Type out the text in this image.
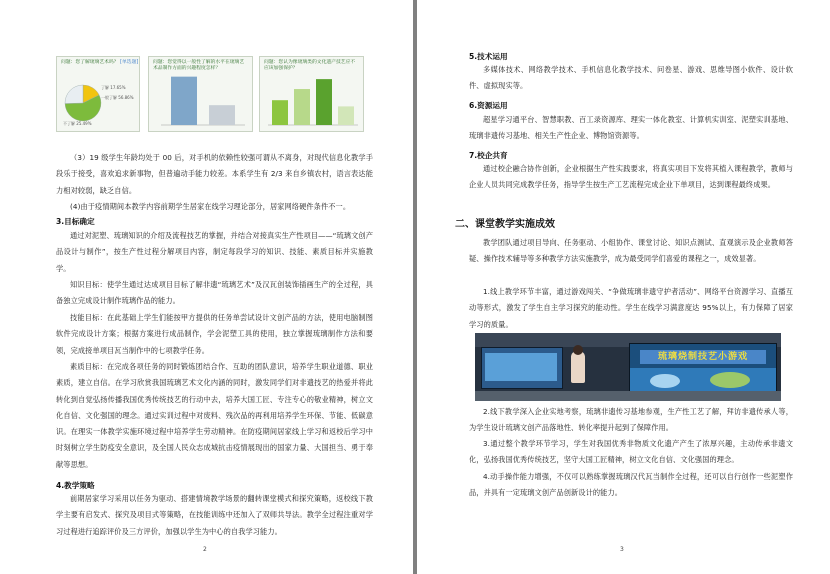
问题：您了解琉璃艺术吗？ [单选题]
了解 17.65%
一般了解 56.86%
不了解 25.49%
问题：您觉得以一般性了解的水平在琉璃艺术品制作方面的兴趣程度怎样？
问题：您认为像琉璃类的文化遗产技艺应不应该加强保护？
（3）19 级学生年龄均处于 00 后，对手机的依赖性较强可谓从不离身，对现代信息化教学手段乐于接受，喜欢追求新事物，但普遍动手能力较差。本系学生有 2/3 来自乡镇农村，语言表达能力相对较弱，缺乏自信。
(4)由于疫情期间本教学内容前期学生居家在线学习理论部分，居家网络硬件条件不一。
3.目标确定
通过对泥塑、琉璃知识的介绍及流程技艺的掌握，并结合对接真实生产性项目——“琉璃文创产品设计与制作”，按生产性过程分解项目内容，制定每段学习的知识、技能、素质目标并实施教学。
知识目标：使学生通过达成项目目标了解非遗“琉璃艺术”及汉瓦创装饰插画生产的全过程，具备独立完成设计制作琉璃作品的能力。
技能目标：在此基础上学生们能按甲方提供的任务单尝试设计文创产品的方法，使用电脑制图软件完成设计方案；根据方案进行成品制作，学会泥塑工具的使用，独立掌握琉璃制作方法和要领，完成接单项目瓦当制作中的七项教学任务。
素质目标：在完成各项任务的同时锻炼团结合作、互助的团队意识，培养学生职业道德、职业素质，建立自信。在学习欣赏我国琉璃艺术文化内涵的同时，激发同学们对非遗技艺的热爱并将此转化到自觉弘扬传播我国优秀传统技艺的行动中去，培养大国工匠、专注专心的敬业精神，树立文化自信、文化强国的理念。通过实训过程中对废料、残次品的再利用培养学生环保、节能、低碳意识。在理实一体教学实施环境过程中培养学生劳动精神。在防疫期间居家线上学习和返校后学习中时刻树立学生防疫安全意识，及全国人民众志成城抗击疫情展现出的国家力量、大国担当、勇于奉献等思想。
4.教学策略
前期居家学习采用以任务为驱动、搭建情境教学场景的翻转课堂模式和探究策略，返校线下教学主要有启发式、探究及项目式等策略，在技能训练中还加入了双师共导法。教学全过程注重对学习过程进行追踪评价及三方评价，加强以学生为中心的自我学习能力。
2
5.技术运用
多媒体技术、网络教学技术、手机信息化教学技术、问卷星、游戏、思维导图小软件、设计软件、虚拟现实等。
6.资源运用
超星学习通平台、智慧职教、百工录资源库、理实一体化教室、计算机实训室、泥塑实训基地、琉璃非遗传习基地、相关生产性企业、博物馆资源等。
7.校企共育
通过校企融合协作创新，企业根据生产性实践要求，将真实项目下发将其植入课程教学，教师与企业人员共同完成教学任务，指导学生按生产工艺流程完成企业下单项目，达到课程最终成果。
二、课堂教学实施成效
教学团队通过项目导向、任务驱动、小组协作、课堂讨论、知识点测试、直观演示及企业教师答疑、操作技术辅导等多种教学方法实施教学，成为最受同学们喜爱的课程之一，成效显著。
1.线上教学环节丰富，通过游戏闯关、“争做琉璃非遗守护者活动”、网络平台资源学习、直播互动等形式，激发了学生自主学习探究的能动性。学生在线学习满意度达 95%以上，有力保障了居家学习的质量。
琉璃烧制技艺小游戏
2.线下教学深入企业实地考察，琉璃非遗传习基地参观，生产性工艺了解，拜访非遗传承人等，为学生设计琉璃文创产品落地性、转化率提升起到了保障作用。
3.通过整个教学环节学习，学生对我国优秀非物质文化遗产产生了浓厚兴趣，主动传承非遗文化，弘扬我国优秀传统技艺，坚守大国工匠精神，树立文化自信、文化强国的理念。
4.动手操作能力增强，不仅可以熟练掌握琉璃汉代瓦当制作全过程，还可以自行创作一些泥塑作品，并具有一定琉璃文创产品创新设计的能力。
3
